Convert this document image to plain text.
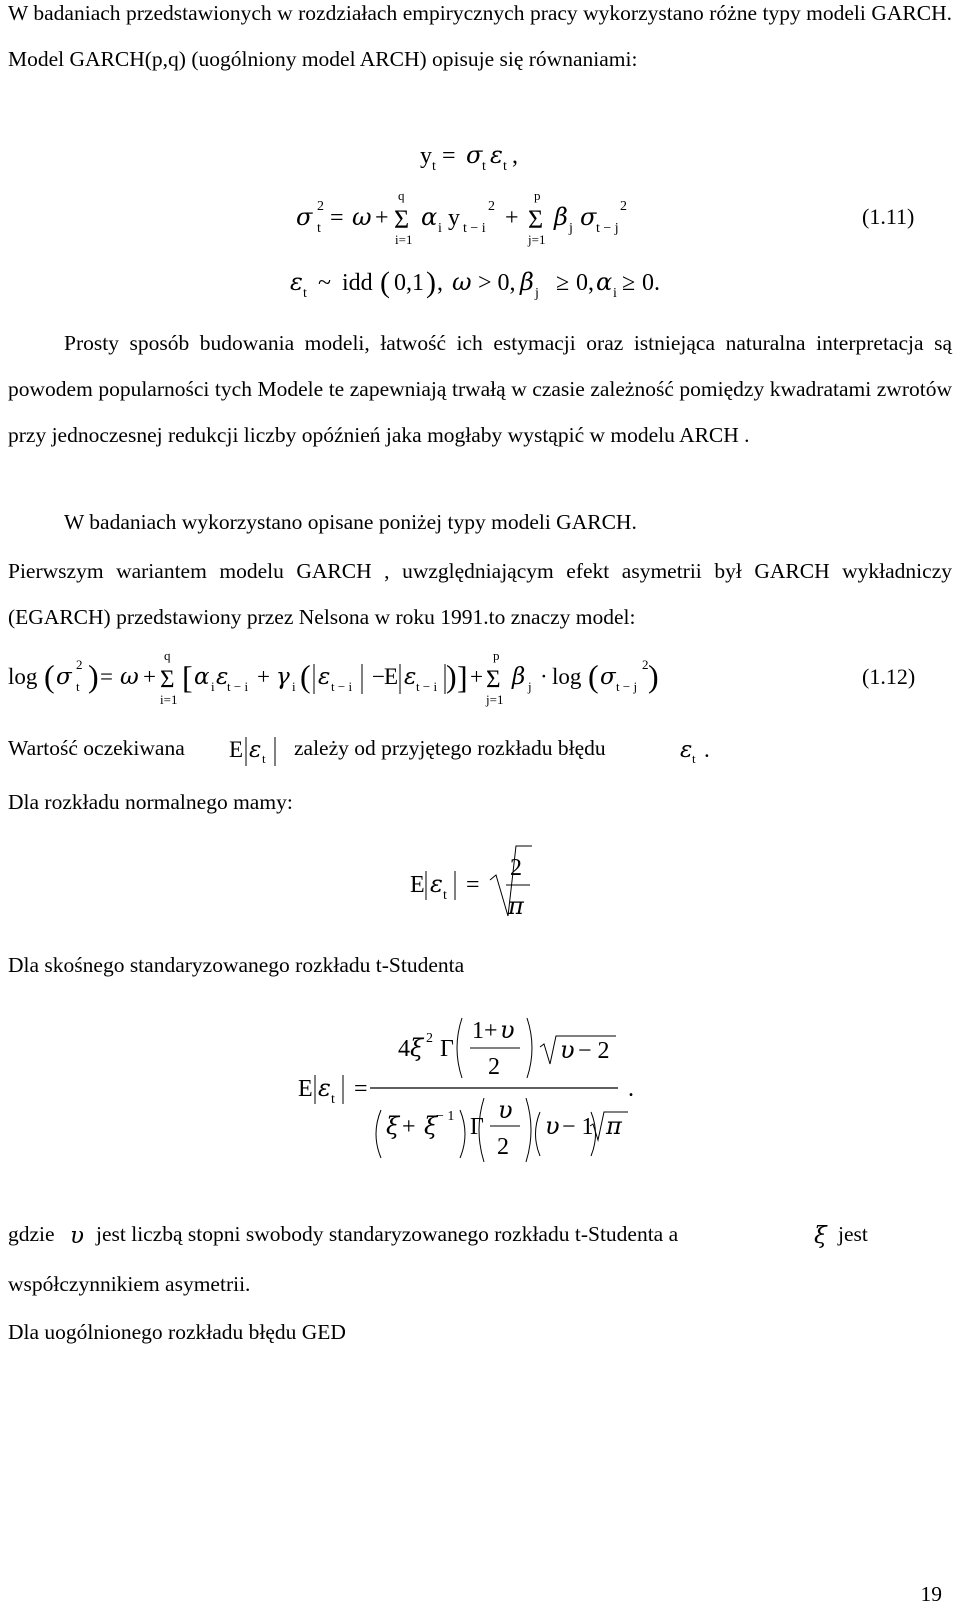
W badaniach przedstawionych w rozdziałach empirycznych pracy wykorzystano różne typy modeli GARCH. Model GARCH(p,q) (uogólniony model ARCH) opisuje się równaniami:
Prosty sposób budowania modeli, łatwość ich estymacji oraz istniejąca naturalna interpretacja są powodem popularności tych Modele te zapewniają trwałą w czasie zależność pomiędzy kwadratami zwrotów przy jednoczesnej redukcji liczby opóźnień jaka mogłaby wystąpić w modelu ARCH .
W badaniach wykorzystano opisane poniżej typy modeli GARCH.
Pierwszym wariantem modelu GARCH , uwzględniającym efekt asymetrii był GARCH wykładniczy (EGARCH) przedstawiony przez Nelsona w roku 1991.to znaczy model:
Wartość oczekiwana	zależy od przyjętego rozkładu błędu
Dla rozkładu normalnego mamy:
Dla skośnego standaryzowanego rozkładu t-Studenta
gdzie jest liczbą stopni swobody standaryzowanego rozkładu t-Studenta a	jest
współczynnikiem asymetrii.
Dla uogólnionego rozkładu błędu GED
y t = σ t ε t ,
σ 2
t = ω +
q
Σ
i=1
α i y 2
t − i +
p
Σ
j=1
β j σ 2
t − j	(1.11)
ε t ~ idd ( 0,1 ) , ω > 0, β j ≥ 0, α i ≥ 0.
log ( σ 2
t ) = ω +
q
Σ
i=1
[ α i ε
t − i + γ i ( ε t − i − E ε t − i ) ] +
p
Σ
j=1
β j · log ( σ 2
t − j )	(1.12)
E ε t	ε t .
E ε t =
2
π
E ε t =
4 ξ 2 Γ
1+ υ
2
υ − 2
ξ + ξ
− 1 Γ
υ
2
υ − 1 π
.
υ	ξ
19
